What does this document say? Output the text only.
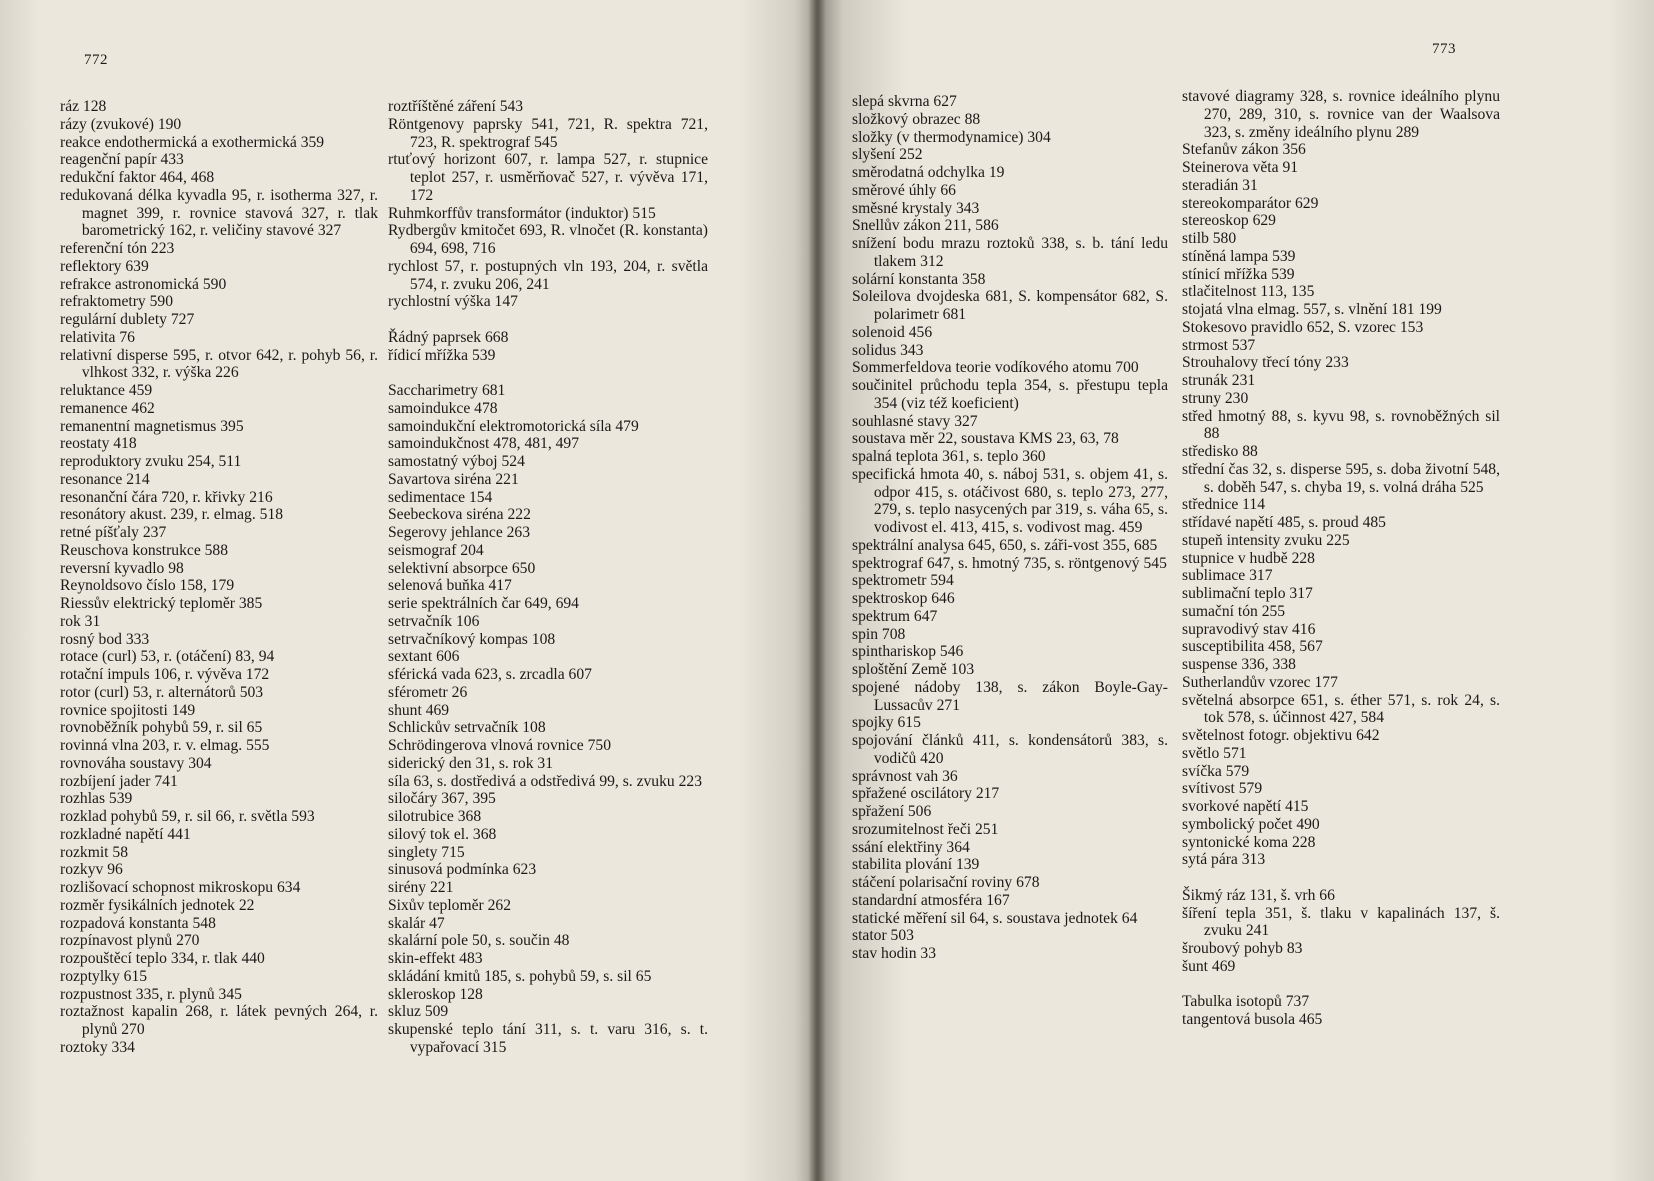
772
ráz 128
rázy (zvukové) 190
reakce endothermická a exothermická 359
reagenční papír 433
redukční faktor 464, 468
redukovaná délka kyvadla 95, r. isotherma 327, r. magnet 399, r. rovnice stavová 327, r. tlak barometrický 162, r. veličiny stavové 327
referenční tón 223
reflektory 639
refrakce astronomická 590
refraktometry 590
regulární dublety 727
relativita 76
relativní disperse 595, r. otvor 642, r. pohyb 56, r. vlhkost 332, r. výška 226
reluktance 459
remanence 462
remanentní magnetismus 395
reostaty 418
reproduktory zvuku 254, 511
resonance 214
resonanční čára 720, r. křivky 216
resonátory akust. 239, r. elmag. 518
retné píšťaly 237
Reuschova konstrukce 588
reversní kyvadlo 98
Reynoldsovo číslo 158, 179
Riessův elektrický teploměr 385
rok 31
rosný bod 333
rotace (curl) 53, r. (otáčení) 83, 94
rotační impuls 106, r. vývěva 172
rotor (curl) 53, r. alternátorů 503
rovnice spojitosti 149
rovnoběžník pohybů 59, r. sil 65
rovinná vlna 203, r. v. elmag. 555
rovnováha soustavy 304
rozbíjení jader 741
rozhlas 539
rozklad pohybů 59, r. sil 66, r. světla 593
rozkladné napětí 441
rozkmit 58
rozkyv 96
rozlišovací schopnost mikroskopu 634
rozměr fysikálních jednotek 22
rozpadová konstanta 548
rozpínavost plynů 270
rozpouštěcí teplo 334, r. tlak 440
rozptylky 615
rozpustnost 335, r. plynů 345
roztažnost kapalin 268, r. látek pevných 264, r. plynů 270
roztoky 334
roztříštěné záření 543
Röntgenovy paprsky 541, 721, R. spektra 721, 723, R. spektrograf 545
rtuťový horizont 607, r. lampa 527, r. stupnice teplot 257, r. usměrňovač 527, r. vývěva 171, 172
Ruhmkorffův transformátor (induktor) 515
Rydbergův kmitočet 693, R. vlnočet (R. konstanta) 694, 698, 716
rychlost 57, r. postupných vln 193, 204, r. světla 574, r. zvuku 206, 241
rychlostní výška 147
Řádný paprsek 668
řídicí mřížka 539
Saccharimetry 681
samoindukce 478
samoindukční elektromotorická síla 479
samoindukčnost 478, 481, 497
samostatný výboj 524
Savartova siréna 221
sedimentace 154
Seebeckova siréna 222
Segerovy jehlance 263
seismograf 204
selektivní absorpce 650
selenová buňka 417
serie spektrálních čar 649, 694
setrvačník 106
setrvačníkový kompas 108
sextant 606
sférická vada 623, s. zrcadla 607
sférometr 26
shunt 469
Schlickův setrvačník 108
Schrödingerova vlnová rovnice 750
siderický den 31, s. rok 31
síla 63, s. dostředivá a odstředivá 99, s. zvuku 223
siločáry 367, 395
silotrubice 368
silový tok el. 368
singlety 715
sinusová podmínka 623
sirény 221
Sixův teploměr 262
skalár 47
skalární pole 50, s. součin 48
skin-effekt 483
skládání kmitů 185, s. pohybů 59, s. sil 65
skleroskop 128
skluz 509
skupenské teplo tání 311, s. t. varu 316, s. t. vypařovací 315
773
slepá skvrna 627
složkový obrazec 88
složky (v thermodynamice) 304
slyšení 252
směrodatná odchylka 19
směrové úhly 66
směsné krystaly 343
Snellův zákon 211, 586
snížení bodu mrazu roztoků 338, s. b. tání ledu tlakem 312
solární konstanta 358
Soleilova dvojdeska 681, S. kompensátor 682, S. polarimetr 681
solenoid 456
solidus 343
Sommerfeldova teorie vodíkového atomu 700
součinitel průchodu tepla 354, s. přestupu tepla 354 (viz též koeficient)
souhlasné stavy 327
soustava měr 22, soustava KMS 23, 63, 78
spalná teplota 361, s. teplo 360
specifická hmota 40, s. náboj 531, s. objem 41, s. odpor 415, s. otáčivost 680, s. teplo 273, 277, 279, s. teplo nasycených par 319, s. váha 65, s. vodivost el. 413, 415, s. vodivost mag. 459
spektrální analysa 645, 650, s. záři-vost 355, 685
spektrograf 647, s. hmotný 735, s. röntgenový 545
spektrometr 594
spektroskop 646
spektrum 647
spin 708
spinthariskop 546
sploštění Země 103
spojené nádoby 138, s. zákon Boyle-Gay-Lussacův 271
spojky 615
spojování článků 411, s. kondensátorů 383, s. vodičů 420
správnost vah 36
spřažené oscilátory 217
spřažení 506
srozumitelnost řeči 251
ssání elektřiny 364
stabilita plování 139
stáčení polarisační roviny 678
standardní atmosféra 167
statické měření sil 64, s. soustava jednotek 64
stator 503
stav hodin 33
stavové diagramy 328, s. rovnice ideálního plynu 270, 289, 310, s. rovnice van der Waalsova 323, s. změny ideálního plynu 289
Stefanův zákon 356
Steinerova věta 91
steradián 31
stereokomparátor 629
stereoskop 629
stilb 580
stíněná lampa 539
stínicí mřížka 539
stlačitelnost 113, 135
stojatá vlna elmag. 557, s. vlnění 181 199
Stokesovo pravidlo 652, S. vzorec 153
strmost 537
Strouhalovy třecí tóny 233
strunák 231
struny 230
střed hmotný 88, s. kyvu 98, s. rovnoběžných sil 88
středisko 88
střední čas 32, s. disperse 595, s. doba životní 548, s. doběh 547, s. chyba 19, s. volná dráha 525
střednice 114
střídavé napětí 485, s. proud 485
stupeň intensity zvuku 225
stupnice v hudbě 228
sublimace 317
sublimační teplo 317
sumační tón 255
supravodivý stav 416
susceptibilita 458, 567
suspense 336, 338
Sutherlandův vzorec 177
světelná absorpce 651, s. éther 571, s. rok 24, s. tok 578, s. účinnost 427, 584
světelnost fotogr. objektivu 642
světlo 571
svíčka 579
svítivost 579
svorkové napětí 415
symbolický počet 490
syntonické koma 228
sytá pára 313
Šikmý ráz 131, š. vrh 66
šíření tepla 351, š. tlaku v kapalinách 137, š. zvuku 241
šroubový pohyb 83
šunt 469
Tabulka isotopů 737
tangentová busola 465
